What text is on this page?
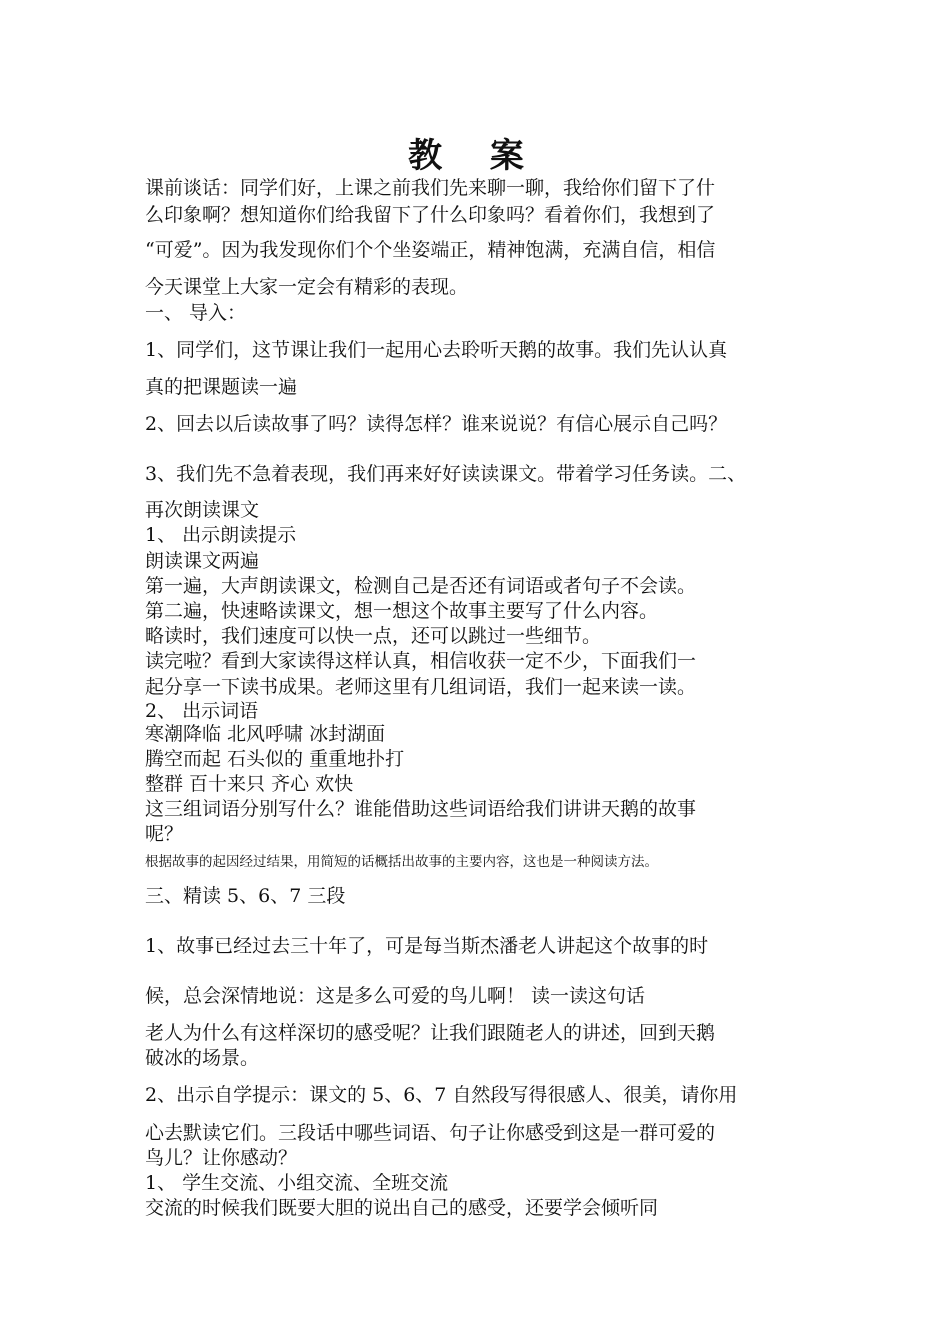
教 案
课前谈话：同学们好，上课之前我们先来聊一聊，我给你们留下了什
么印象啊？想知道你们给我留下了什么印象吗？看着你们，我想到了
“可爱”。因为我发现你们个个坐姿端正，精神饱满，充满自信，相信
今天课堂上大家一定会有精彩的表现。
一、 导入：
1、同学们，这节课让我们一起用心去聆听天鹅的故事。我们先认认真
真的把课题读一遍
2、回去以后读故事了吗？读得怎样？谁来说说？有信心展示自己吗？
3、我们先不急着表现，我们再来好好读读课文。带着学习任务读。二、
再次朗读课文
1、 出示朗读提示
朗读课文两遍
第一遍，大声朗读课文，检测自己是否还有词语或者句子不会读。
第二遍，快速略读课文，想一想这个故事主要写了什么内容。
略读时，我们速度可以快一点，还可以跳过一些细节。
读完啦？看到大家读得这样认真，相信收获一定不少，下面我们一
起分享一下读书成果。老师这里有几组词语，我们一起来读一读。
2、 出示词语
寒潮降临 北风呼啸 冰封湖面
腾空而起 石头似的 重重地扑打
整群 百十来只 齐心 欢快
这三组词语分别写什么？谁能借助这些词语给我们讲讲天鹅的故事
呢？
根据故事的起因经过结果，用简短的话概括出故事的主要内容，这也是一种阅读方法。
三、精读 5、6、7 三段
1、故事已经过去三十年了，可是每当斯杰潘老人讲起这个故事的时
候，总会深情地说：这是多么可爱的鸟儿啊！ 读一读这句话
老人为什么有这样深切的感受呢？让我们跟随老人的讲述，回到天鹅
破冰的场景。
2、出示自学提示：课文的 5、6、7 自然段写得很感人、很美，请你用
心去默读它们。三段话中哪些词语、句子让你感受到这是一群可爱的
鸟儿？让你感动？
1、 学生交流、小组交流、全班交流
交流的时候我们既要大胆的说出自己的感受，还要学会倾听同
